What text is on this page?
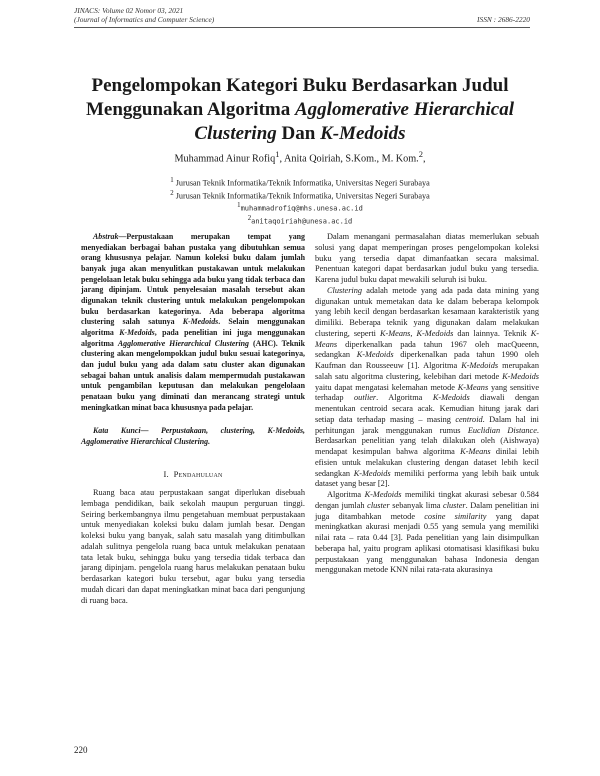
JINACS: Volume 02 Nomor 03, 2021
(Journal of Informatics and Computer Science)	ISSN : 2686-2220
Pengelompokan Kategori Buku Berdasarkan Judul
Menggunakan Algoritma Agglomerative Hierarchical
Clustering Dan K-Medoids
Muhammad Ainur Rofiq$^1$, Anita Qoiriah, S.Kom., M. Kom.$^2$,
$^1$ Jurusan Teknik Informatika/Teknik Informatika, Universitas Negeri Surabaya
$^2$ Jurusan Teknik Informatika/Teknik Informatika, Universitas Negeri Surabaya
$^1$muhammadrofiq@mhs.unesa.ac.id
$^2$anitaqoiriah@unesa.ac.id

Abstrak—Perpustakaan merupakan tempat yang menyediakan berbagai bahan pustaka yang dibutuhkan semua orang khususnya pelajar. Namun koleksi buku dalam jumlah banyak juga akan menyulitkan pustakawan untuk melakukan pengelolaan letak buku sehingga ada buku yang tidak terbaca dan jarang dipinjam. Untuk penyelesaian masalah tersebut akan digunakan teknik clustering untuk melakukan pengelompokan buku berdasarkan kategorinya. Ada beberapa algoritma clustering salah satunya K-Medoids. Selain menggunakan algoritma K-Medoids, pada penelitian ini juga menggunakan algoritma Agglomerative Hierarchical Clustering (AHC). Teknik clustering akan mengelompokkan judul buku sesuai kategorinya, dan judul buku yang ada dalam satu cluster akan digunakan sebagai bahan untuk analisis dalam mempermudah pustakawan untuk pengambilan keputusan dan melakukan pengelolaan penataan buku yang diminati dan merancang strategi untuk meningkatkan minat baca khususnya pada pelajar.

Kata Kunci— Perpustakaan, clustering, K-Medoids, Agglomerative Hierarchical Clustering.

I. Pendahuluan

Ruang baca atau perpustakaan sangat diperlukan disebuah lembaga pendidikan, baik sekolah maupun perguruan tinggi. Seiring berkembangnya ilmu pengetahuan membuat perpustakaan untuk menyediakan koleksi buku dalam jumlah besar. Dengan koleksi buku yang banyak, salah satu masalah yang ditimbulkan adalah sulitnya pengelola ruang baca untuk melakukan penataan tata letak buku, sehingga buku yang tersedia tidak terbaca dan jarang dipinjam. pengelola ruang harus melakukan penataan buku berdasarkan kategori buku tersebut, agar buku yang tersedia mudah dicari dan dapat meningkatkan minat baca dari pengunjung di ruang baca.

Dalam menangani permasalahan diatas memerlukan sebuah solusi yang dapat memperingan proses pengelompokan koleksi buku yang tersedia dapat dimanfaatkan secara maksimal. Penentuan kategori dapat berdasarkan judul buku yang tersedia. Karena judul buku dapat mewakili seluruh isi buku.

Clustering adalah metode yang ada pada data mining yang digunakan untuk memetakan data ke dalam beberapa kelompok yang lebih kecil dengan berdasarkan kesamaan karakteristik yang dimiliki. Beberapa teknik yang digunakan dalam melakukan clustering, seperti K-Means, K-Medoids dan lainnya. Teknik K-Means diperkenalkan pada tahun 1967 oleh macQueenn, sedangkan K-Medoids diperkenalkan pada tahun 1990 oleh Kaufman dan Rousseeuw [1]. Algoritma K-Medoids merupakan salah satu algoritma clustering, kelebihan dari metode K-Medoids yaitu dapat mengatasi kelemahan metode K-Means yang sensitive terhadap outlier. Algoritma K-Medoids diawali dengan menentukan centroid secara acak. Kemudian hitung jarak dari setiap data terhadap masing – masing centroid. Dalam hal ini perhitungan jarak menggunakan rumus Euclidian Distance. Berdasarkan penelitian yang telah dilakukan oleh (Aishwaya) mendapat kesimpulan bahwa algoritma K-Means dinilai lebih efisien untuk melakukan clustering dengan dataset lebih kecil sedangkan K-Medoids memiliki performa yang lebih baik untuk dataset yang besar [2].

Algoritma K-Medoids memiliki tingkat akurasi sebesar 0.584 dengan jumlah cluster sebanyak lima cluster. Dalam penelitian ini juga ditambahkan metode cosine similarity yang dapat meningkatkan akurasi menjadi 0.55 yang semula yang memiliki nilai rata – rata 0.44 [3]. Pada penelitian yang lain disimpulkan beberapa hal, yaitu program aplikasi otomatisasi klasifikasi buku perpustakaan yang menggunakan bahasa Indonesia dengan menggunakan metode KNN nilai rata-rata akurasinya

220
